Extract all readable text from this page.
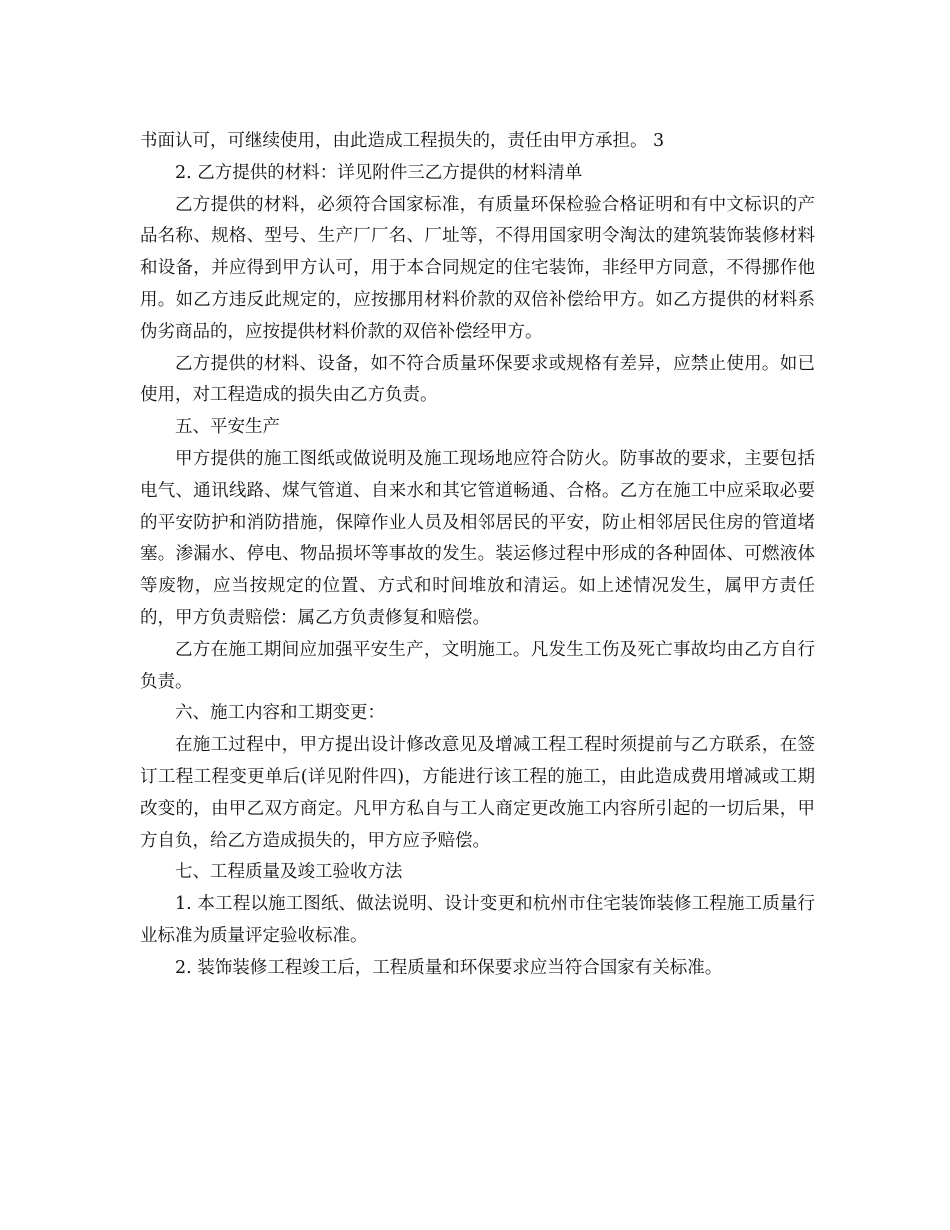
书面认可，可继续使用，由此造成工程损失的，责任由甲方承担。 3

2. 乙方提供的材料：详见附件三乙方提供的材料清单

乙方提供的材料，必须符合国家标准，有质量环保检验合格证明和有中文标识的产品名称、规格、型号、生产厂厂名、厂址等，不得用国家明令淘汰的建筑装饰装修材料和设备，并应得到甲方认可，用于本合同规定的住宅装饰，非经甲方同意，不得挪作他用。如乙方违反此规定的，应按挪用材料价款的双倍补偿给甲方。如乙方提供的材料系伪劣商品的，应按提供材料价款的双倍补偿经甲方。

乙方提供的材料、设备，如不符合质量环保要求或规格有差异，应禁止使用。如已使用，对工程造成的损失由乙方负责。

五、平安生产

甲方提供的施工图纸或做说明及施工现场地应符合防火。防事故的要求，主要包括电气、通讯线路、煤气管道、自来水和其它管道畅通、合格。乙方在施工中应采取必要的平安防护和消防措施，保障作业人员及相邻居民的平安，防止相邻居民住房的管道堵塞。渗漏水、停电、物品损坏等事故的发生。装运修过程中形成的各种固体、可燃液体等废物，应当按规定的位置、方式和时间堆放和清运。如上述情况发生，属甲方责任的，甲方负责赔偿：属乙方负责修复和赔偿。

乙方在施工期间应加强平安生产，文明施工。凡发生工伤及死亡事故均由乙方自行负责。

六、施工内容和工期变更：

在施工过程中，甲方提出设计修改意见及增减工程工程时须提前与乙方联系，在签订工程工程变更单后(详见附件四)，方能进行该工程的施工，由此造成费用增减或工期改变的，由甲乙双方商定。凡甲方私自与工人商定更改施工内容所引起的一切后果，甲方自负，给乙方造成损失的，甲方应予赔偿。

七、工程质量及竣工验收方法

1. 本工程以施工图纸、做法说明、设计变更和杭州市住宅装饰装修工程施工质量行业标准为质量评定验收标准。

2. 装饰装修工程竣工后，工程质量和环保要求应当符合国家有关标准。
